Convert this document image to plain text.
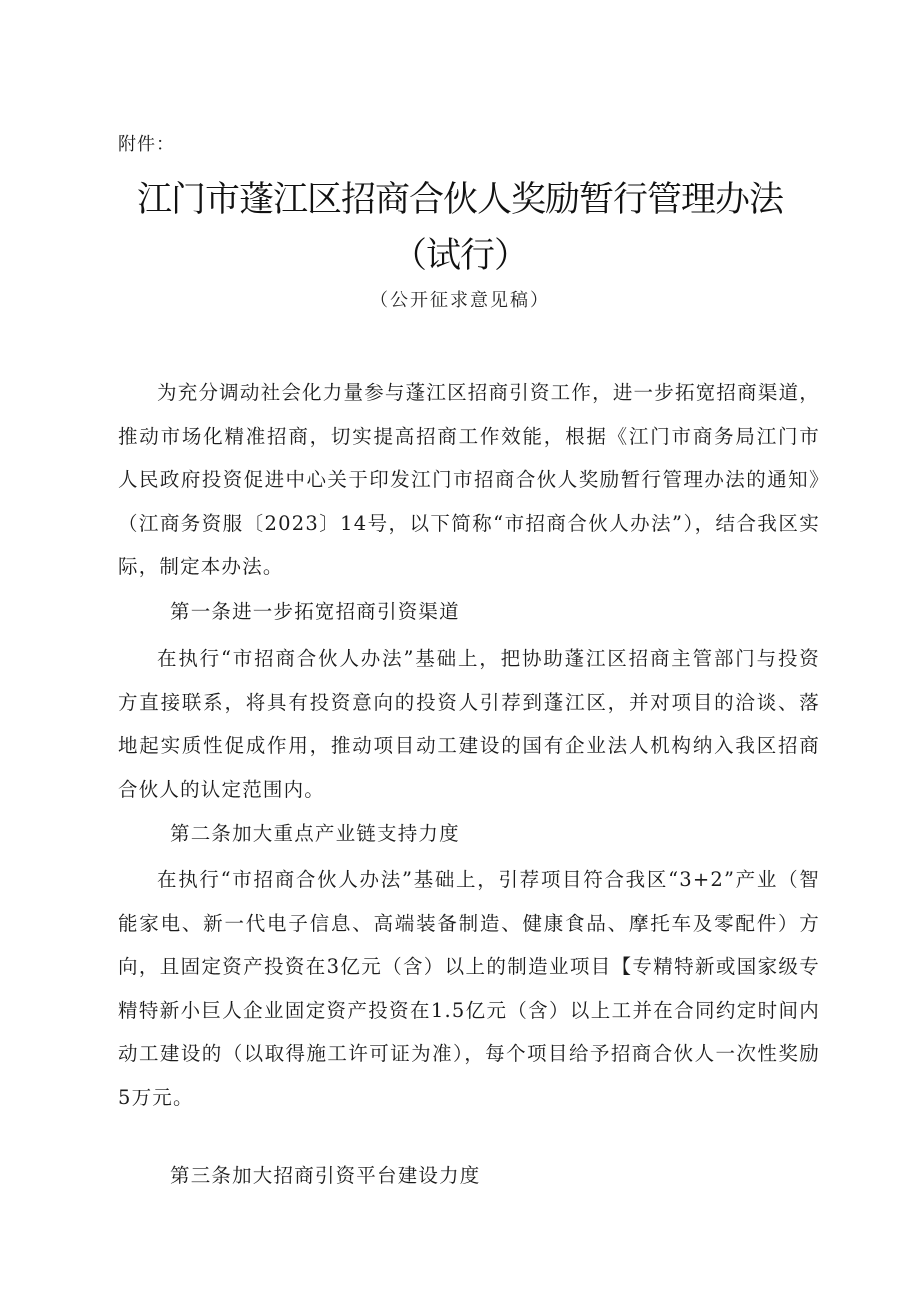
附件：
江门市蓬江区招商合伙人奖励暂行管理办法
（试行）
（公开征求意见稿）

为充分调动社会化力量参与蓬江区招商引资工作，进一步拓宽招商渠道，推动市场化精准招商，切实提高招商工作效能，根据《江门市商务局江门市人民政府投资促进中心关于印发江门市招商合伙人奖励暂行管理办法的通知》（江商务资服〔2023〕14号，以下简称“市招商合伙人办法”），结合我区实际，制定本办法。

第一条进一步拓宽招商引资渠道

在执行“市招商合伙人办法”基础上，把协助蓬江区招商主管部门与投资方直接联系，将具有投资意向的投资人引荐到蓬江区，并对项目的洽谈、落地起实质性促成作用，推动项目动工建设的国有企业法人机构纳入我区招商合伙人的认定范围内。

第二条加大重点产业链支持力度

在执行“市招商合伙人办法”基础上，引荐项目符合我区“3+2”产业（智能家电、新一代电子信息、高端装备制造、健康食品、摩托车及零配件）方向，且固定资产投资在3亿元（含）以上的制造业项目【专精特新或国家级专精特新小巨人企业固定资产投资在1.5亿元（含）以上工并在合同约定时间内动工建设的（以取得施工许可证为准），每个项目给予招商合伙人一次性奖励5万元。

第三条加大招商引资平台建设力度
